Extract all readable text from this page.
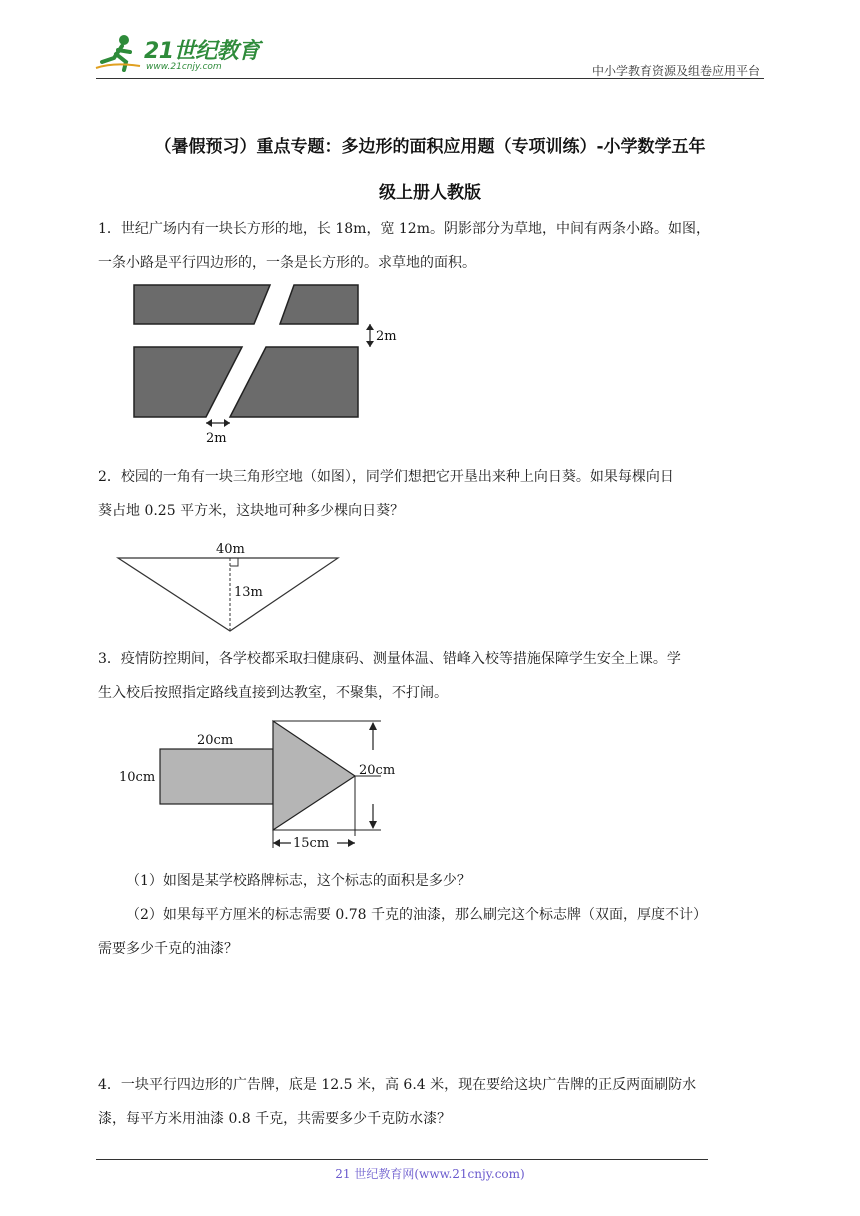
21世纪教育
www.21cnjy.com	中小学教育资源及组卷应用平台
（暑假预习）重点专题：多边形的面积应用题（专项训练）-小学数学五年
级上册人教版
1．世纪广场内有一块长方形的地，长 18m，宽 12m。阴影部分为草地，中间有两条小路。如图，
一条小路是平行四边形的，一条是长方形的。求草地的面积。
2m
2m
2．校园的一角有一块三角形空地（如图），同学们想把它开垦出来种上向日葵。如果每棵向日
葵占地 0.25 平方米，这块地可种多少棵向日葵？
40m
13m
3．疫情防控期间，各学校都采取扫健康码、测量体温、错峰入校等措施保障学生安全上课。学
生入校后按照指定路线直接到达教室，不聚集，不打闹。
20cm
10cm	20cm
15cm
（1）如图是某学校路牌标志，这个标志的面积是多少？
（2）如果每平方厘米的标志需要 0.78 千克的油漆，那么刷完这个标志牌（双面，厚度不计）
需要多少千克的油漆？
4．一块平行四边形的广告牌，底是 12.5 米，高 6.4 米，现在要给这块广告牌的正反两面刷防水
漆，每平方米用油漆 0.8 千克，共需要多少千克防水漆？
21 世纪教育网(www.21cnjy.com)
